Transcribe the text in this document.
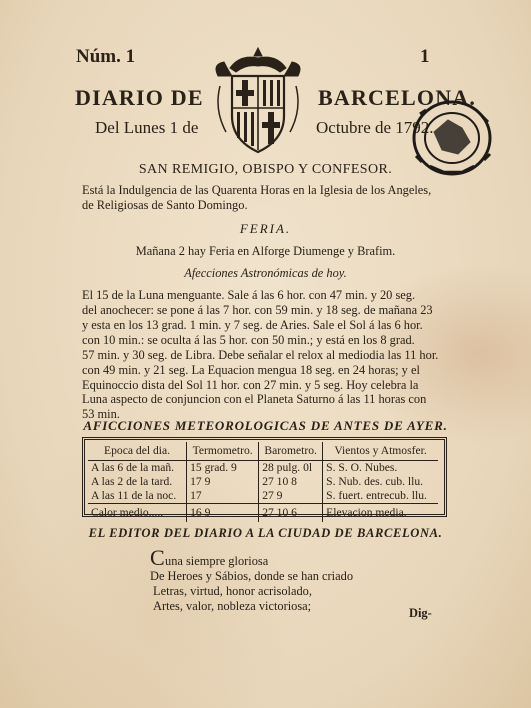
Núm. 1	1
DIARIO DE	BARCELONA.
Del Lunes 1 de	Octubre de 1792.
SAN REMIGIO, OBISPO Y CONFESOR.
Está la Indulgencia de las Quarenta Horas en la Iglesia de los Angeles,
de Religiosas de Santo Domingo.
FERIA.
Mañana 2 hay Feria en Alforge Diumenge y Brafim.
Afecciones Astronómicas de hoy.
El 15 de la Luna menguante. Sale á las 6 hor. con 47 min. y 20 seg.
del anochecer: se pone á las 7 hor. con 59 min. y 18 seg. de mañana 23
y esta en los 13 grad. 1 min. y 7 seg. de Aries. Sale el Sol á las 6 hor.
con 10 min.: se oculta á las 5 hor. con 50 min.; y está en los 8 grad.
57 min. y 30 seg. de Libra. Debe señalar el relox al mediodia las 11 hor.
con 49 min. y 21 seg. La Equacion mengua 18 seg. en 24 horas; y el
Equinoccio dista del Sol 11 hor. con 27 min. y 5 seg. Hoy celebra la
Luna aspecto de conjuncion con el Planeta Saturno á las 11 horas con
53 min.
AFICCIONES METEOROLOGICAS DE ANTES DE AYER.
Epoca del dia.	Termometro.	Barometro.	Vientos y Atmosfer.
A las 6 de la mañ.	15 grad. 9	28 pulg. 0l	S. S. O. Nubes.
A las 2 de la tard.	17 9	27 10 8	S. Nub. des. cub. llu.
A las 11 de la noc.	17	27 9	S. fuert. entrecub. llu.
Calor medio.....	16 9	27 10 6	Elevacion media.
EL EDITOR DEL DIARIO A LA CIUDAD DE BARCELONA.
C una siempre gloriosa
De Heroes y Sábios, donde se han criado
Letras, virtud, honor acrisolado,
Artes, valor, nobleza victoriosa;	Dig-
